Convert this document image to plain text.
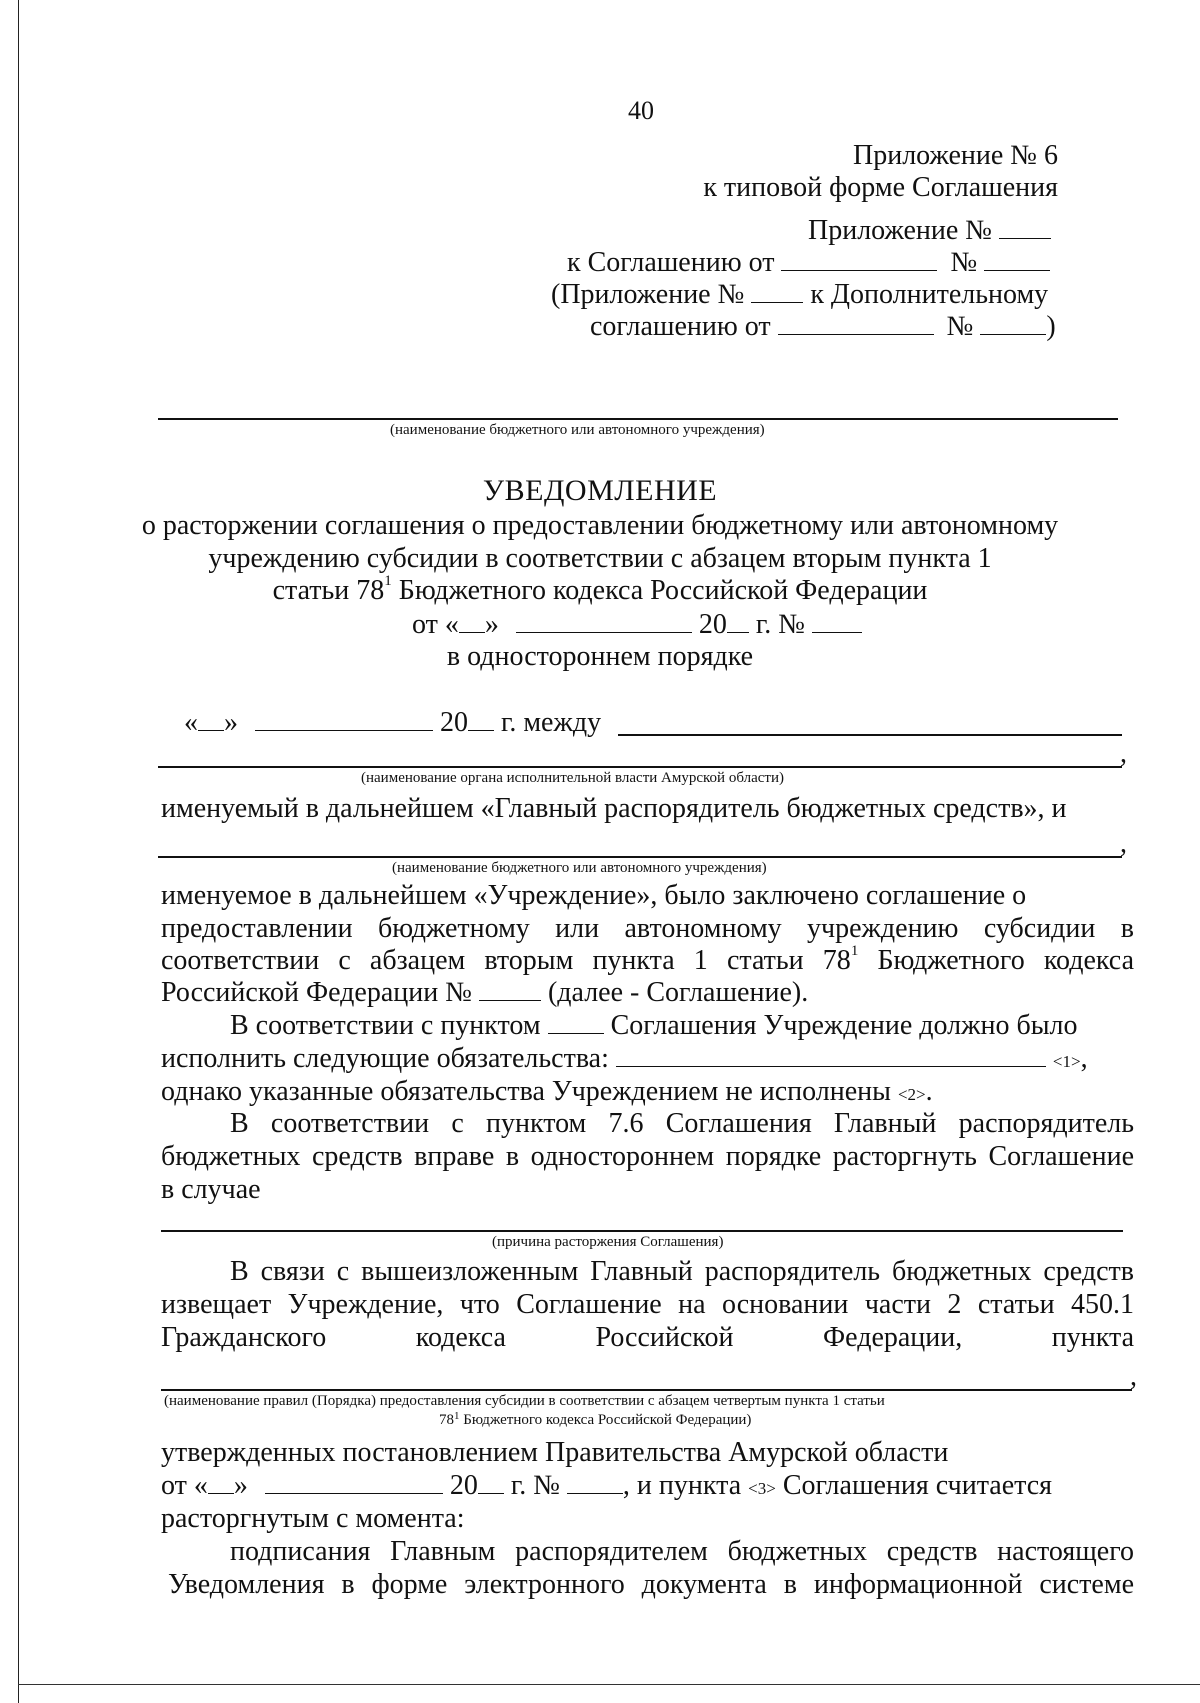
40
Приложение № 6
к типовой форме Соглашения
Приложение №
к Соглашению от	№
(Приложение № к Дополнительному
соглашению от	№	)
(наименование бюджетного или автономного учреждения)
УВЕДОМЛЕНИЕ
о расторжении соглашения о предоставлении бюджетному или автономному
учреждению субсидии в соответствии с абзацем вторым пункта 1
статьи $78^1$ Бюджетного кодекса Российской Федерации
от « »	20 г. №
в одностороннем порядке
« »	20 г. между
,
(наименование органа исполнительной власти Амурской области)
именуемый в дальнейшем «Главный распорядитель бюджетных средств», и
,
(наименование бюджетного или автономного учреждения)
именуемое в дальнейшем «Учреждение», было заключено соглашение о
предоставлении бюджетному или автономному учреждению субсидии в
соответствии с абзацем вторым пункта 1 статьи $78^1$ Бюджетного кодекса
Российской Федерации №  (далее - Соглашение).
В соответствии с пунктом  Соглашения Учреждение должно было
исполнить следующие обязательства:	<1>,
однако указанные обязательства Учреждением не исполнены <2>.
В соответствии с пунктом 7.6 Соглашения Главный распорядитель
бюджетных средств вправе в одностороннем порядке расторгнуть Соглашение
в случае
(причина расторжения Соглашения)
В связи с вышеизложенным Главный распорядитель бюджетных средств
извещает Учреждение, что Соглашение на основании части 2 статьи 450.1
Гражданского кодекса Российской Федерации, пункта
,
(наименование правил (Порядка) предоставления субсидии в соответствии с абзацем четвертым пункта 1 статьи
$78^1$ Бюджетного кодекса Российской Федерации)
утвержденных постановлением Правительства Амурской области
от « »	20 г. № , и пункта <3> Соглашения считается
расторгнутым с момента:
подписания Главным распорядителем бюджетных средств настоящего
Уведомления в форме электронного документа в информационной системе
